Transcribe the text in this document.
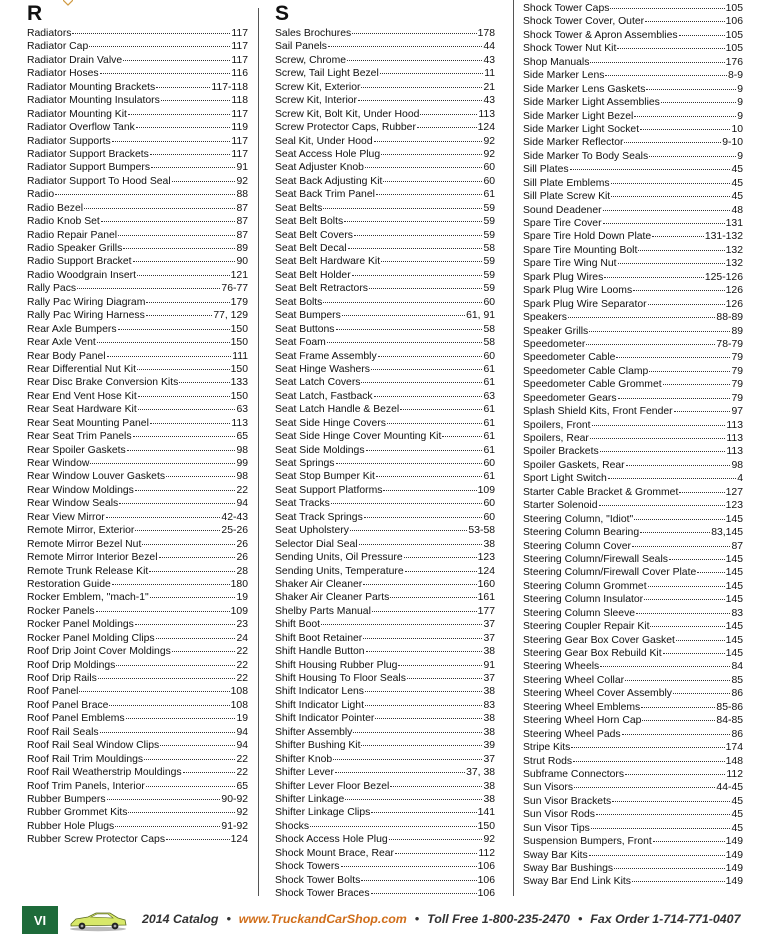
R
Radiators	117
Radiator Cap	117
Radiator Drain Valve	117
Radiator Hoses	116
Radiator Mounting Brackets	117-118
Radiator Mounting Insulators	118
Radiator Mounting Kit	117
Radiator Overflow Tank	119
Radiator Supports	117
Radiator Support Brackets	117
Radiator Support Bumpers	91
Radiator Support To Hood Seal	92
Radio	88
Radio Bezel	87
Radio Knob Set	87
Radio Repair Panel	87
Radio Speaker Grills	89
Radio Support Bracket	90
Radio Woodgrain Insert	121
Rally Pacs	76-77
Rally Pac Wiring Diagram	179
Rally Pac Wiring Harness	77, 129
Rear Axle Bumpers	150
Rear Axle Vent	150
Rear Body Panel	111
Rear Differential Nut Kit	150
Rear Disc Brake Conversion Kits	133
Rear End Vent Hose Kit	150
Rear Seat Hardware Kit	63
Rear Seat Mounting Panel	113
Rear Seat Trim Panels	65
Rear Spoiler Gaskets	98
Rear Window	99
Rear Window Louver Gaskets	98
Rear Window Moldings	22
Rear Window Seals	94
Rear View Mirror	42-43
Remote Mirror, Exterior	25-26
Remote Mirror Bezel Nut	26
Remote Mirror Interior Bezel	26
Remote Trunk Release Kit	28
Restoration Guide	180
Rocker Emblem, "mach-1"	19
Rocker Panels	109
Rocker Panel Moldings	23
Rocker Panel Molding Clips	24
Roof Drip Joint Cover Moldings	22
Roof Drip Moldings	22
Roof Drip Rails	22
Roof Panel	108
Roof Panel Brace	108
Roof Panel Emblems	19
Roof Rail Seals	94
Roof Rail Seal Window Clips	94
Roof Rail Trim Mouldings	22
Roof Rail Weatherstrip Mouldings	22
Roof Trim Panels, Interior	65
Rubber Bumpers	90-92
Rubber Grommet Kits	92
Rubber Hole Plugs	91-92
Rubber Screw Protector Caps	124
S
Sales Brochures	178
Sail Panels	44
Screw, Chrome	43
Screw, Tail Light Bezel	11
Screw Kit, Exterior	21
Screw Kit, Interior	43
Screw Kit, Bolt Kit, Under Hood	113
Screw Protector Caps, Rubber	124
Seal Kit, Under Hood	92
Seat Access Hole Plug	92
Seat Adjuster Knob	60
Seat Back Adjusting Kit	60
Seat Back Trim Panel	61
Seat Belts	59
Seat Belt Bolts	59
Seat Belt Covers	59
Seat Belt Decal	58
Seat Belt Hardware Kit	59
Seat Belt Holder	59
Seat Belt Retractors	59
Seat Bolts	60
Seat Bumpers	61, 91
Seat Buttons	58
Seat Foam	58
Seat Frame Assembly	60
Seat Hinge Washers	61
Seat Latch Covers	61
Seat Latch, Fastback	63
Seat Latch Handle & Bezel	61
Seat Side Hinge Covers	61
Seat Side Hinge Cover Mounting Kit	61
Seat Side Moldings	61
Seat Springs	60
Seat Stop Bumper Kit	61
Seat Support Platforms	109
Seat Tracks	60
Seat Track Springs	60
Seat Upholstery	53-58
Selector Dial Seal	38
Sending Units, Oil Pressure	123
Sending Units, Temperature	124
Shaker Air Cleaner	160
Shaker Air Cleaner Parts	161
Shelby Parts Manual	177
Shift Boot	37
Shift Boot Retainer	37
Shift Handle Button	38
Shift Housing Rubber Plug	91
Shift Housing To Floor Seals	37
Shift Indicator Lens	38
Shift Indicator Light	83
Shift Indicator Pointer	38
Shifter Assembly	38
Shifter Bushing Kit	39
Shifter Knob	37
Shifter Lever	37, 38
Shifter Lever Floor Bezel	38
Shifter Linkage	38
Shifter Linkage Clips	141
Shocks	150
Shock Access Hole Plug	92
Shock Mount Brace, Rear	112
Shock Towers	106
Shock Tower Bolts	106
Shock Tower Braces	106
Shock Tower Caps	105
Shock Tower Cover, Outer	106
Shock Tower & Apron Assemblies	105
Shock Tower Nut Kit	105
Shop Manuals	176
Side Marker Lens	8-9
Side Marker Lens Gaskets	9
Side Marker Light Assemblies	9
Side Marker Light Bezel	9
Side Marker Light Socket	10
Side Marker Reflector	9-10
Side Marker To Body Seals	9
Sill Plates	45
Sill Plate Emblems	45
Sill Plate Screw Kit	45
Sound Deadener	48
Spare Tire Cover	131
Spare Tire Hold Down Plate	131-132
Spare Tire Mounting Bolt	132
Spare Tire Wing Nut	132
Spark Plug Wires	125-126
Spark Plug Wire Looms	126
Spark Plug Wire Separator	126
Speakers	88-89
Speaker Grills	89
Speedometer	78-79
Speedometer Cable	79
Speedometer Cable Clamp	79
Speedometer Cable Grommet	79
Speedometer Gears	79
Splash Shield Kits, Front Fender	97
Spoilers, Front	113
Spoilers, Rear	113
Spoiler Brackets	113
Spoiler Gaskets, Rear	98
Sport Light Switch	4
Starter Cable Bracket & Grommet	127
Starter Solenoid	123
Steering Column, "Idiot"	145
Steering Column Bearing	83,145
Steering Column Cover	87
Steering Column/Firewall Seals	145
Steering Column/Firewall Cover Plate	145
Steering Column Grommet	145
Steering Column Insulator	145
Steering Column Sleeve	83
Steering Coupler Repair Kit	145
Steering Gear Box Cover Gasket	145
Steering Gear Box Rebuild Kit	145
Steering Wheels	84
Steering Wheel Collar	85
Steering Wheel Cover Assembly	86
Steering Wheel Emblems	85-86
Steering Wheel Horn Cap	84-85
Steering Wheel Pads	86
Stripe Kits	174
Strut Rods	148
Subframe Connectors	112
Sun Visors	44-45
Sun Visor Brackets	45
Sun Visor Rods	45
Sun Visor Tips	45
Suspension Bumpers, Front	149
Sway Bar Kits	149
Sway Bar Bushings	149
Sway Bar End Link Kits	149
VI	2014 Catalog • www.TruckandCarShop.com • Toll Free 1-800-235-2470 • Fax Order 1-714-771-0407
